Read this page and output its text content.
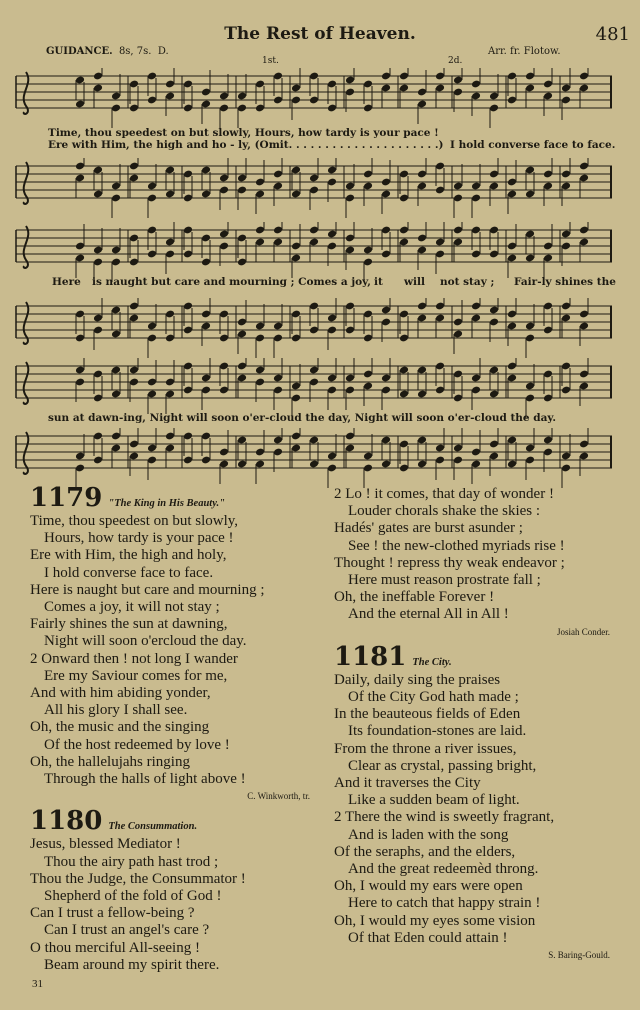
The Rest of Heaven.	481
GUIDANCE. 8s, 7s. D.	Arr. fr. Flotow.
1st.	2d.
Time, thou speedest on but slowly, Hours, how tardy is your pace !
Ere with Him, the high and ho - ly, (Omit. . . . . . . . . . . . . . . . . . . . .) I hold converse face to face.
Here is naught but care and mourning ; Comes a joy, it will not stay ; Fair-ly shines the
sun at dawn-ing, Night will soon o'er-cloud the day, Night will soon o'er-cloud the day.
1179 "The King in His Beauty."
Time, thou speedest on but slowly,
Hours, how tardy is your pace !
Ere with Him, the high and holy,
I hold converse face to face.
Here is naught but care and mourning ;
Comes a joy, it will not stay ;
Fairly shines the sun at dawning,
Night will soon o'ercloud the day.
2 Onward then ! not long I wander
Ere my Saviour comes for me,
And with him abiding yonder,
All his glory I shall see.
Oh, the music and the singing
Of the host redeemed by love !
Oh, the hallelujahs ringing
Through the halls of light above !
C. Winkworth, tr.
1180 The Consummation.
Jesus, blessed Mediator !
Thou the airy path hast trod ;
Thou the Judge, the Consummator !
Shepherd of the fold of God !
Can I trust a fellow-being ?
Can I trust an angel's care ?
O thou merciful All-seeing !
Beam around my spirit there.
31
2 Lo ! it comes, that day of wonder !
Louder chorals shake the skies :
Hadés' gates are burst asunder ;
See ! the new-clothed myriads rise !
Thought ! repress thy weak endeavor ;
Here must reason prostrate fall ;
Oh, the ineffable Forever !
And the eternal All in All !
Josiah Conder.
1181 The City.
Daily, daily sing the praises
Of the City God hath made ;
In the beauteous fields of Eden
Its foundation-stones are laid.
From the throne a river issues,
Clear as crystal, passing bright,
And it traverses the City
Like a sudden beam of light.
2 There the wind is sweetly fragrant,
And is laden with the song
Of the seraphs, and the elders,
And the great redeemèd throng.
Oh, I would my ears were open
Here to catch that happy strain !
Oh, I would my eyes some vision
Of that Eden could attain !
S. Baring-Gould.
